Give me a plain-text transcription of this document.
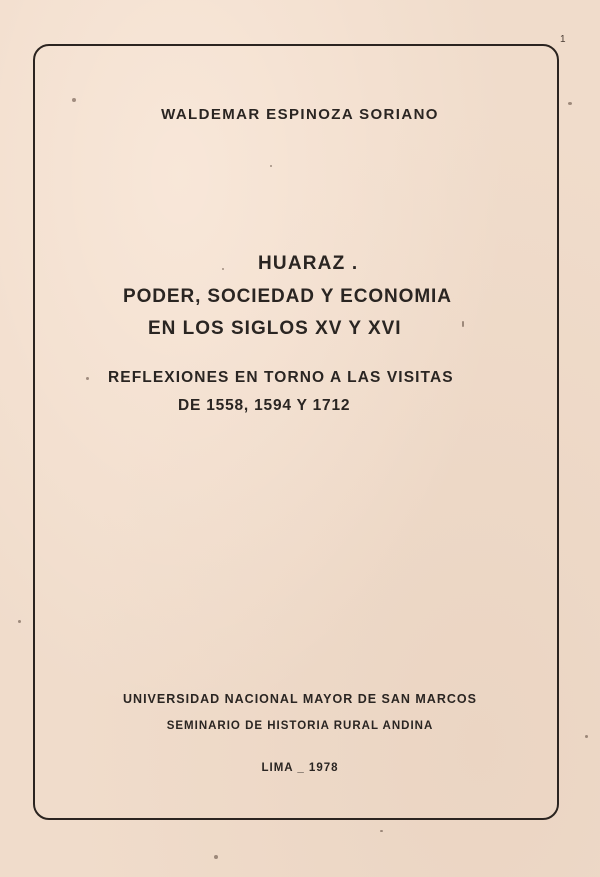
1
WALDEMAR ESPINOZA SORIANO
HUARAZ .
PODER, SOCIEDAD Y ECONOMIA
EN LOS SIGLOS XV Y XVI
REFLEXIONES EN TORNO A LAS VISITAS
DE 1558, 1594 Y 1712
UNIVERSIDAD NACIONAL MAYOR DE SAN MARCOS
SEMINARIO DE HISTORIA RURAL ANDINA
LIMA _ 1978
